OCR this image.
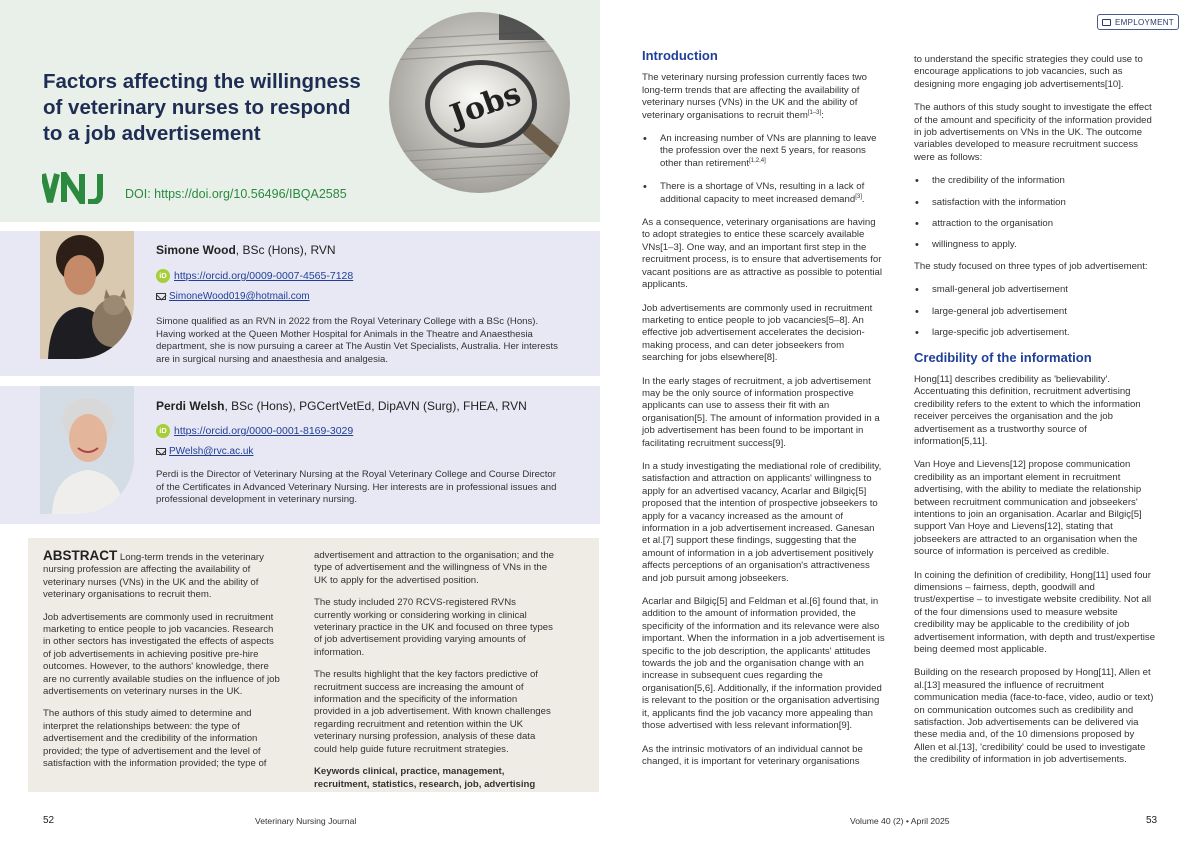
Factors affecting the willingness of veterinary nurses to respond to a job advertisement	Jobs
DOI: https://doi.org/10.56496/IBQA2585
Simone Wood, BSc (Hons), RVN
iD https://orcid.org/0009-0007-4565-7128
SimoneWood019@hotmail.com
Simone qualified as an RVN in 2022 from the Royal Veterinary College with a BSc (Hons). Having worked at the Queen Mother Hospital for Animals in the Theatre and Anaesthesia department, she is now pursuing a career at The Austin Vet Specialists, Australia. Her interests are in surgical nursing and anaesthesia and analgesia.
Perdi Welsh, BSc (Hons), PGCertVetEd, DipAVN (Surg), FHEA, RVN
iD https://orcid.org/0000-0001-8169-3029
PWelsh@rvc.ac.uk
Perdi is the Director of Veterinary Nursing at the Royal Veterinary College and Course Director of the Certificates in Advanced Veterinary Nursing. Her interests are in professional issues and professional development in veterinary nursing.

ABSTRACT Long-term trends in the veterinary nursing profession are affecting the availability of veterinary nurses (VNs) in the UK and the ability of veterinary organisations to recruit them.

Job advertisements are commonly used in recruitment marketing to entice people to job vacancies. Research in other sectors has investigated the effects of aspects of job advertisements in achieving positive pre-hire outcomes. However, to the authors' knowledge, there are no currently available studies on the influence of job advertisements on veterinary nurses in the UK.

The authors of this study aimed to determine and interpret the relationships between: the type of advertisement and the credibility of the information provided; the type of advertisement and the level of satisfaction with the information provided; the type of

advertisement and attraction to the organisation; and the type of advertisement and the willingness of VNs in the UK to apply for the advertised position.

The study included 270 RCVS-registered RVNs currently working or considering working in clinical veterinary practice in the UK and focused on three types of job advertisement providing varying amounts of information.

The results highlight that the key factors predictive of recruitment success are increasing the amount of information and the specificity of the information provided in a job advertisement. With known challenges regarding recruitment and retention within the UK veterinary nursing profession, analysis of these data could help guide future recruitment strategies.

Keywords clinical, practice, management, recruitment, statistics, research, job, advertising

52	Veterinary Nursing Journal
EMPLOYMENT
Introduction

The veterinary nursing profession currently faces two long-term trends that are affecting the availability of veterinary nurses (VNs) in the UK and the ability of veterinary organisations to recruit them[1–3]:

• An increasing number of VNs are planning to leave the profession over the next 5 years, for reasons other than retirement[1,2,4]
• There is a shortage of VNs, resulting in a lack of additional capacity to meet increased demand[3].

As a consequence, veterinary organisations are having to adopt strategies to entice these scarcely available VNs[1–3]. One way, and an important first step in the recruitment process, is to ensure that advertisements for vacant positions are as attractive as possible to potential applicants.

Job advertisements are commonly used in recruitment marketing to entice people to job vacancies[5–8]. An effective job advertisement accelerates the decision-making process, and can deter jobseekers from searching for jobs elsewhere[8].

In the early stages of recruitment, a job advertisement may be the only source of information prospective applicants can use to assess their fit with an organisation[5]. The amount of information provided in a job advertisement has been found to be important in facilitating recruitment success[9].

In a study investigating the mediational role of credibility, satisfaction and attraction on applicants' willingness to apply for an advertised vacancy, Acarlar and Bilgiç[5] proposed that the intention of prospective jobseekers to apply for a vacancy increased as the amount of information in a job advertisement increased. Ganesan et al.[7] support these findings, suggesting that the amount of information in a job advertisement positively affects perceptions of an organisation's attractiveness and job pursuit among jobseekers.

Acarlar and Bilgiç[5] and Feldman et al.[6] found that, in addition to the amount of information provided, the specificity of the information and its relevance were also important. When the information in a job advertisement is specific to the job description, the applicants' attitudes towards the job and the organisation change with an increase in subsequent cues regarding the organisation[5,6]. Additionally, if the information provided is relevant to the position or the organisation advertising it, applicants find the job vacancy more appealing than those advertised with less relevant information[9].

As the intrinsic motivators of an individual cannot be changed, it is important for veterinary organisations

to understand the specific strategies they could use to encourage applications to job vacancies, such as designing more engaging job advertisements[10].

The authors of this study sought to investigate the effect of the amount and specificity of the information provided in job advertisements on VNs in the UK. The outcome variables developed to measure recruitment success were as follows:

• the credibility of the information
• satisfaction with the information
• attraction to the organisation
• willingness to apply.

The study focused on three types of job advertisement:

• small-general job advertisement
• large-general job advertisement
• large-specific job advertisement.
Credibility of the information

Hong[11] describes credibility as 'believability'. Accentuating this definition, recruitment advertising credibility refers to the extent to which the information receiver perceives the organisation and the job advertisement as a trustworthy source of information[5,11].

Van Hoye and Lievens[12] propose communication credibility as an important element in recruitment advertising, with the ability to mediate the relationship between recruitment communication and jobseekers' intentions to join an organisation. Acarlar and Bilgiç[5] support Van Hoye and Lievens[12], stating that jobseekers are attracted to an organisation when the source of information is perceived as credible.

In coining the definition of credibility, Hong[11] used four dimensions – fairness, depth, goodwill and trust/expertise – to investigate website credibility. Not all of the four dimensions used to measure website credibility may be applicable to the credibility of job advertisement information, with depth and trust/expertise being deemed most applicable.

Building on the research proposed by Hong[11], Allen et al.[13] measured the influence of recruitment communication media (face-to-face, video, audio or text) on communication outcomes such as credibility and satisfaction. Job advertisements can be delivered via these media and, of the 10 dimensions proposed by Allen et al.[13], 'credibility' could be used to investigate the credibility of information in job advertisements.

Volume 40 (2) • April 2025	53
